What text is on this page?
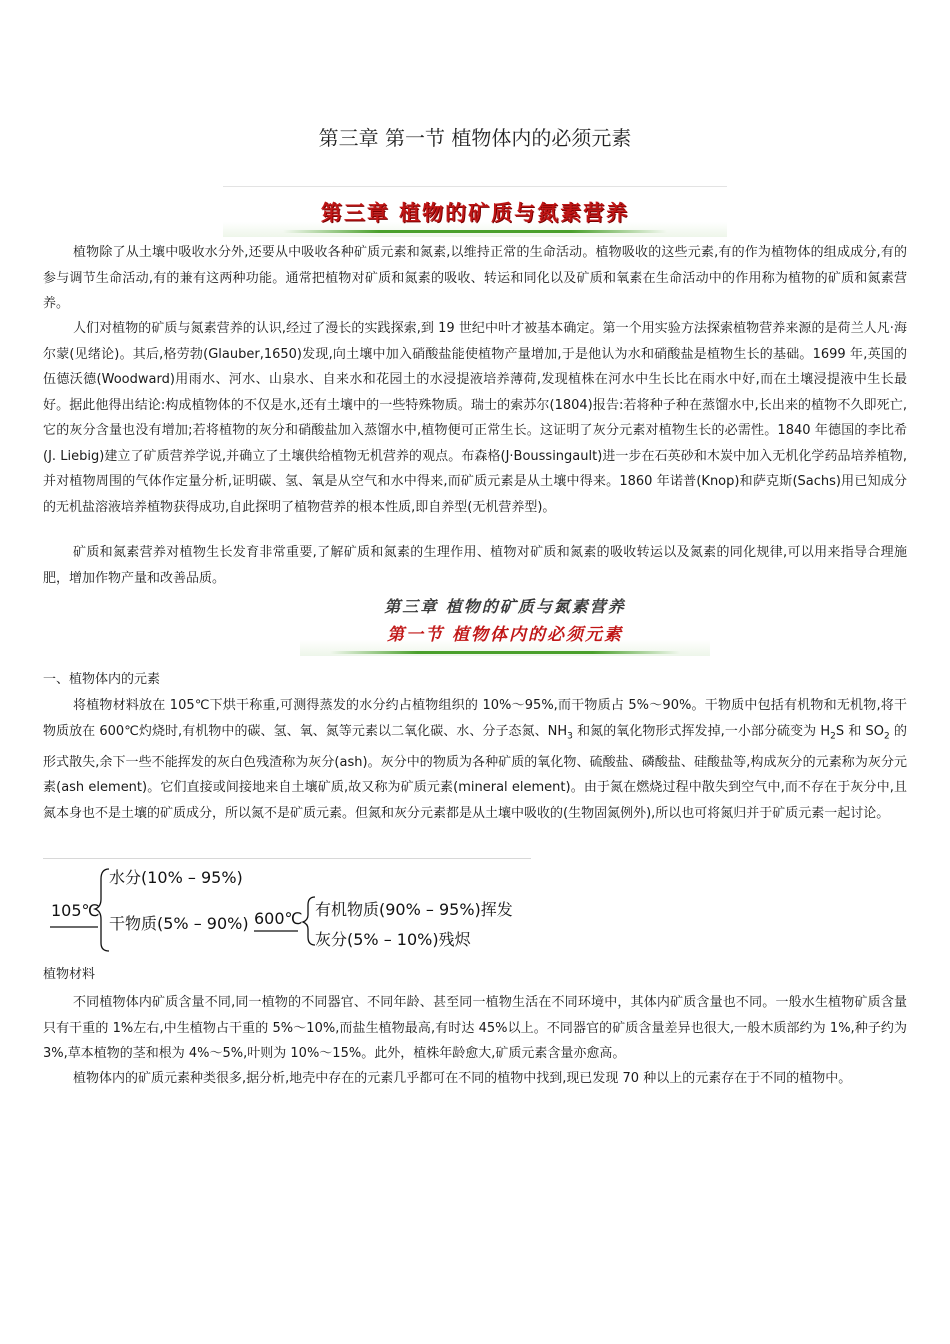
第三章 第一节 植物体内的必须元素
第三章 植物的矿质与氮素营养

植物除了从土壤中吸收水分外,还要从中吸收各种矿质元素和氮素,以维持正常的生命活动。植物吸收的这些元素,有的作为植物体的组成成分,有的参与调节生命活动,有的兼有这两种功能。通常把植物对矿质和氮素的吸收、转运和同化以及矿质和氧素在生命活动中的作用称为植物的矿质和氮素营养。

人们对植物的矿质与氮素营养的认识,经过了漫长的实践探索,到 19 世纪中叶才被基本确定。第一个用实验方法探索植物营养来源的是荷兰人凡·海尔蒙(见绪论)。其后,格劳勃(Glauber,1650)发现,向土壤中加入硝酸盐能使植物产量增加,于是他认为水和硝酸盐是植物生长的基础。1699 年,英国的伍德沃德(Woodward)用雨水、河水、山泉水、自来水和花园土的水浸提液培养薄荷,发现植株在河水中生长比在雨水中好,而在土壤浸提液中生长最好。据此他得出结论:构成植物体的不仅是水,还有土壤中的一些特殊物质。瑞士的索苏尔(1804)报告:若将种子种在蒸馏水中,长出来的植物不久即死亡,它的灰分含量也没有增加;若将植物的灰分和硝酸盐加入蒸馏水中,植物便可正常生长。这证明了灰分元素对植物生长的必需性。1840 年德国的李比希(J. Liebig)建立了矿质营养学说,并确立了土壤供给植物无机营养的观点。布森格(J·Boussingault)进一步在石英砂和木炭中加入无机化学药品培养植物,并对植物周围的气体作定量分析,证明碳、氢、氧是从空气和水中得来,而矿质元素是从土壤中得来。1860 年诺普(Knop)和萨克斯(Sachs)用已知成分的无机盐溶液培养植物获得成功,自此探明了植物营养的根本性质,即自养型(无机营养型)。

矿质和氮素营养对植物生长发育非常重要,了解矿质和氮素的生理作用、植物对矿质和氮素的吸收转运以及氮素的同化规律,可以用来指导合理施肥，增加作物产量和改善品质。

第三章 植物的矿质与氮素营养
第一节 植物体内的必须元素
一、植物体内的元素

将植物材料放在 105℃下烘干称重,可测得蒸发的水分约占植物组织的 10%～95%,而干物质占 5%～90%。干物质中包括有机物和无机物,将干物质放在 600℃灼烧时,有机物中的碳、氢、氧、氮等元素以二氧化碳、水、分子态氮、$NH_3$ 和氮的氧化物形式挥发掉,一小部分硫变为 $H_2S$ 和 $SO_2$ 的形式散失,余下一些不能挥发的灰白色残渣称为灰分(ash)。灰分中的物质为各种矿质的氧化物、硫酸盐、磷酸盐、硅酸盐等,构成灰分的元素称为灰分元素(ash element)。它们直接或间接地来自土壤矿质,故又称为矿质元素(mineral element)。由于氮在燃烧过程中散失到空气中,而不存在于灰分中,且氮本身也不是土壤的矿质成分，所以氮不是矿质元素。但氮和灰分元素都是从土壤中吸收的(生物固氮例外),所以也可将氮归并于矿质元素一起讨论。

105℃
水分(10% – 95%)
干物质(5% – 90%) 600℃ 有机物质(90% – 95%)挥发
灰分(5% – 10%)残烬
植物材料

不同植物体内矿质含量不同,同一植物的不同器官、不同年龄、甚至同一植物生活在不同环境中，其体内矿质含量也不同。一般水生植物矿质含量只有干重的 1%左右,中生植物占干重的 5%～10%,而盐生植物最高,有时达 45%以上。不同器官的矿质含量差异也很大,一般木质部约为 1%,种子约为 3%,草本植物的茎和根为 4%～5%,叶则为 10%～15%。此外，植株年龄愈大,矿质元素含量亦愈高。

植物体内的矿质元素种类很多,据分析,地壳中存在的元素几乎都可在不同的植物中找到,现已发现 70 种以上的元素存在于不同的植物中。
